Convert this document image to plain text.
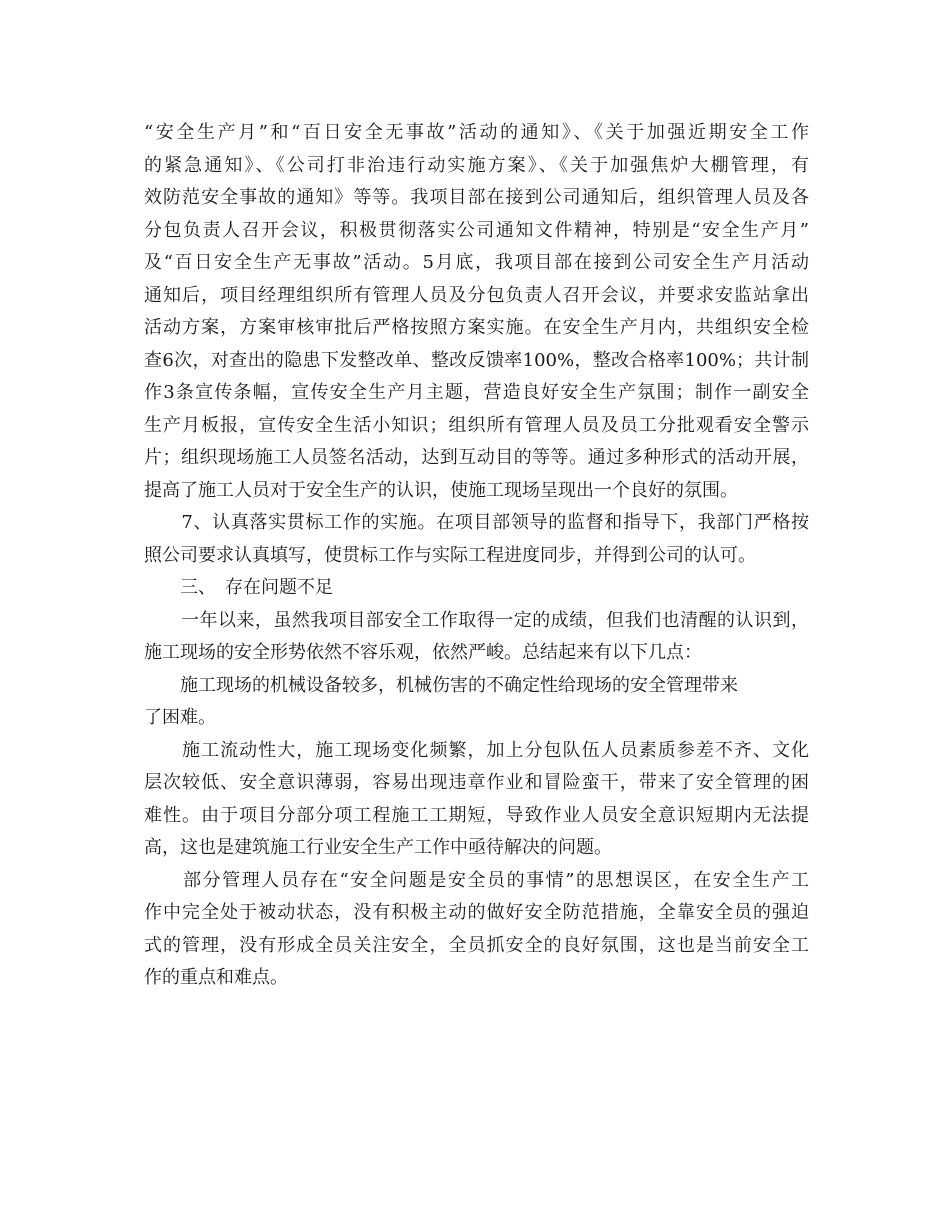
“安全生产月”和“百日安全无事故”活动的通知》、《关于加强近期安全工作
的紧急通知》、《公司打非治违行动实施方案》、《关于加强焦炉大棚管理，有
效防范安全事故的通知》等等。我项目部在接到公司通知后，组织管理人员及各
分包负责人召开会议，积极贯彻落实公司通知文件精神，特别是“安全生产月”
及“百日安全生产无事故”活动。5月底，我项目部在接到公司安全生产月活动
通知后，项目经理组织所有管理人员及分包负责人召开会议，并要求安监站拿出
活动方案，方案审核审批后严格按照方案实施。在安全生产月内，共组织安全检
查6次，对查出的隐患下发整改单、整改反馈率100%，整改合格率100%；共计制
作3条宣传条幅，宣传安全生产月主题，营造良好安全生产氛围；制作一副安全
生产月板报，宣传安全生活小知识；组织所有管理人员及员工分批观看安全警示
片；组织现场施工人员签名活动，达到互动目的等等。通过多种形式的活动开展，
提高了施工人员对于安全生产的认识，使施工现场呈现出一个良好的氛围。

　　7、认真落实贯标工作的实施。在项目部领导的监督和指导下，我部门严格按
照公司要求认真填写，使贯标工作与实际工程进度同步，并得到公司的认可。

　　三、　存在问题不足

　　一年以来，虽然我项目部安全工作取得一定的成绩，但我们也清醒的认识到，
施工现场的安全形势依然不容乐观，依然严峻。总结起来有以下几点：

　　施工现场的机械设备较多，机械伤害的不确定性给现场的安全管理带来
了困难。

　　施工流动性大，施工现场变化频繁，加上分包队伍人员素质参差不齐、文化
层次较低、安全意识薄弱，容易出现违章作业和冒险蛮干，带来了安全管理的困
难性。由于项目分部分项工程施工工期短，导致作业人员安全意识短期内无法提
高，这也是建筑施工行业安全生产工作中亟待解决的问题。

　　部分管理人员存在“安全问题是安全员的事情”的思想误区，在安全生产工
作中完全处于被动状态，没有积极主动的做好安全防范措施，全靠安全员的强迫
式的管理，没有形成全员关注安全，全员抓安全的良好氛围，这也是当前安全工
作的重点和难点。
